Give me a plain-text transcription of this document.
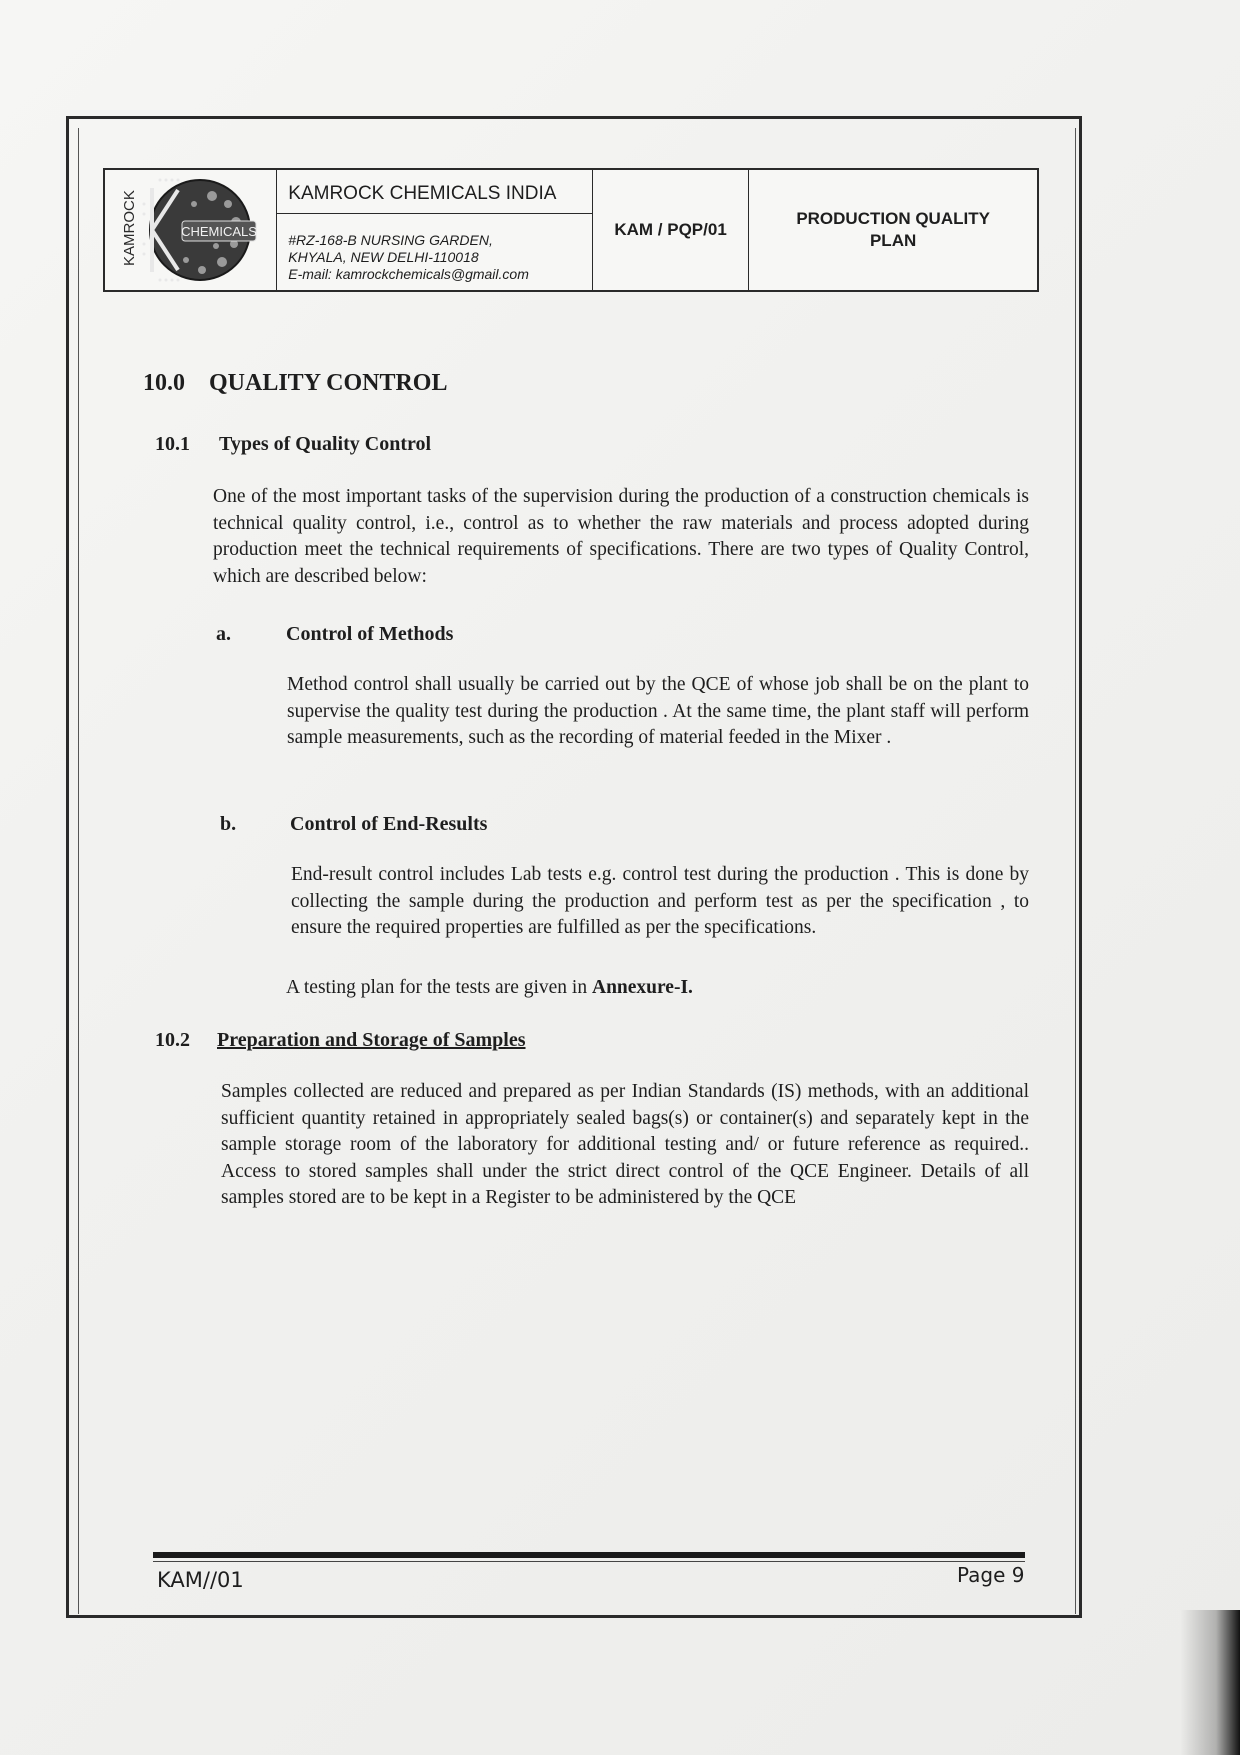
KAMROCK	CHEMICALS
KAMROCK CHEMICALS INDIA
#RZ-168-B NURSING GARDEN,
KHYALA, NEW DELHI-110018
E-mail: kamrockchemicals@gmail.com
KAM / PQP/01
PRODUCTION QUALITY
PLAN
10.0 QUALITY CONTROL
10.1 Types of Quality Control

One of the most important tasks of the supervision during the production of a construction chemicals is technical quality control, i.e., control as to whether the raw materials and process adopted during production meet the technical requirements of specifications. There are two types of Quality Control, which are described below:

a.	Control of Methods

Method control shall usually be carried out by the QCE of whose job shall be on the plant to supervise the quality test during the production . At the same time, the plant staff will perform sample measurements, such as the recording of material feeded in the Mixer .

b.	Control of End-Results

End-result control includes Lab tests e.g. control test during the production . This is done by collecting the sample during the production and perform test as per the specification , to ensure the required properties are fulfilled as per the specifications.

A testing plan for the tests are given in Annexure-I.
10.2 Preparation and Storage of Samples

Samples collected are reduced and prepared as per Indian Standards (IS) methods, with an additional sufficient quantity retained in appropriately sealed bags(s) or container(s) and separately kept in the sample storage room of the laboratory for additional testing and/ or future reference as required.. Access to stored samples shall under the strict direct control of the QCE Engineer. Details of all samples stored are to be kept in a Register to be administered by the QCE

KAM//01	Page 9
